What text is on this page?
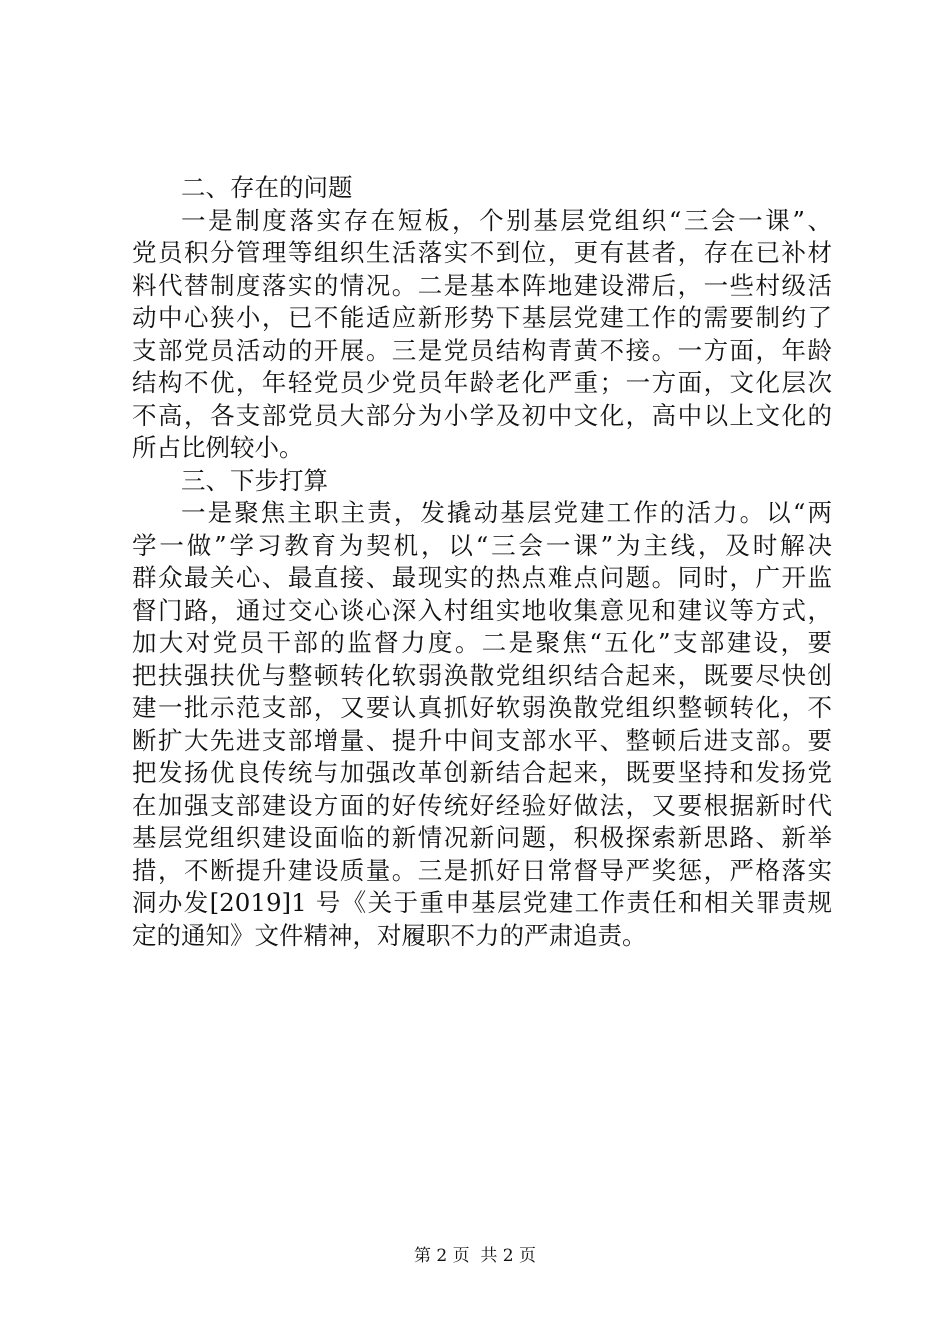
二、存在的问题
一是制度落实存在短板，个别基层党组织“三会一课”、
党员积分管理等组织生活落实不到位，更有甚者，存在已补材
料代替制度落实的情况。二是基本阵地建设滞后，一些村级活
动中心狭小，已不能适应新形势下基层党建工作的需要制约了
支部党员活动的开展。三是党员结构青黄不接。一方面，年龄
结构不优，年轻党员少党员年龄老化严重；一方面，文化层次
不高，各支部党员大部分为小学及初中文化，高中以上文化的
所占比例较小。
三、下步打算
一是聚焦主职主责，发撬动基层党建工作的活力。以“两
学一做”学习教育为契机，以“三会一课”为主线，及时解决
群众最关心、最直接、最现实的热点难点问题。同时，广开监
督门路，通过交心谈心深入村组实地收集意见和建议等方式，
加大对党员干部的监督力度。二是聚焦“五化”支部建设，要
把扶强扶优与整顿转化软弱涣散党组织结合起来，既要尽快创
建一批示范支部，又要认真抓好软弱涣散党组织整顿转化，不
断扩大先进支部增量、提升中间支部水平、整顿后进支部。要
把发扬优良传统与加强改革创新结合起来，既要坚持和发扬党
在加强支部建设方面的好传统好经验好做法，又要根据新时代
基层党组织建设面临的新情况新问题，积极探索新思路、新举
措，不断提升建设质量。三是抓好日常督导严奖惩，严格落实
洞办发[2019]1 号《关于重申基层党建工作责任和相关罪责规
定的通知》文件精神，对履职不力的严肃追责。
第 2 页  共 2 页
